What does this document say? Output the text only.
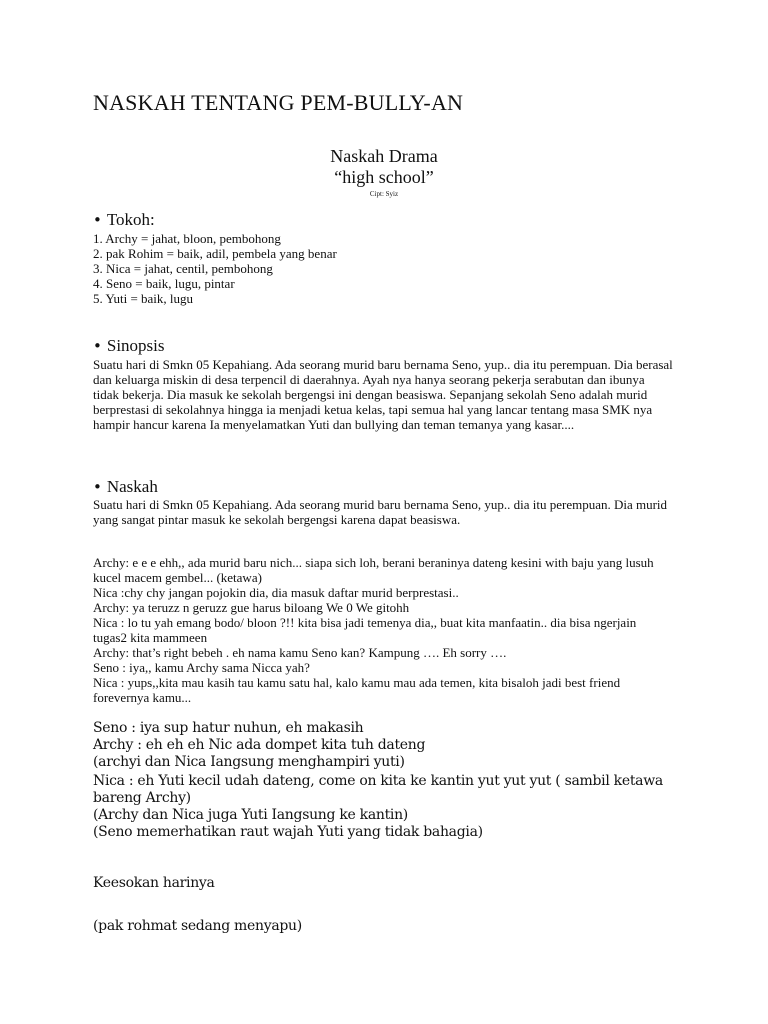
NASKAH TENTANG PEM-BULLY-AN
Naskah Drama
“high school”
Cipt: Syiz
• Tokoh:
1. Archy = jahat, bloon, pembohong
2. pak Rohim = baik, adil, pembela yang benar
3. Nica = jahat, centil, pembohong
4. Seno = baik, lugu, pintar
5. Yuti = baik, lugu
• Sinopsis

Suatu hari di Smkn 05 Kepahiang. Ada seorang murid baru bernama Seno, yup.. dia itu perempuan. Dia berasal dan keluarga miskin di desa terpencil di daerahnya. Ayah nya hanya seorang pekerja serabutan dan ibunya tidak bekerja. Dia masuk ke sekolah bergengsi ini dengan beasiswa. Sepanjang sekolah Seno adalah murid berprestasi di sekolahnya hingga ia menjadi ketua kelas, tapi semua hal yang lancar tentang masa SMK nya hampir hancur karena Ia menyelamatkan Yuti dan bullying dan teman temanya yang kasar....

• Naskah

Suatu hari di Smkn 05 Kepahiang. Ada seorang murid baru bernama Seno, yup.. dia itu perempuan. Dia murid yang sangat pintar masuk ke sekolah bergengsi karena dapat beasiswa.

Archy: e e e ehh,, ada murid baru nich... siapa sich loh, berani beraninya dateng kesini with baju yang lusuh kucel macem gembel... (ketawa)

Nica :chy chy jangan pojokin dia, dia masuk daftar murid berprestasi..

Archy: ya teruzz n geruzz gue harus biloang We 0 We gitohh

Nica : lo tu yah emang bodo/ bloon ?!! kita bisa jadi temenya dia,, buat kita manfaatin.. dia bisa ngerjain tugas2 kita mammeen

Archy: that’s right bebeh . eh nama kamu Seno kan? Kampung …. Eh sorry ….

Seno : iya,, kamu Archy sama Nicca yah?

Nica : yups,,kita mau kasih tau kamu satu hal, kalo kamu mau ada temen, kita bisaloh jadi best friend forevernya kamu...

Seno : iya sup hatur nuhun, eh makasih

Archy : eh eh eh Nic ada dompet kita tuh dateng

(archyi dan Nica Iangsung menghampiri yuti)

Nica : eh Yuti kecil udah dateng, come on kita ke kantin yut yut yut ( sambil ketawa bareng Archy)

(Archy dan Nica juga Yuti Iangsung ke kantin)

(Seno memerhatikan raut wajah Yuti yang tidak bahagia)

Keesokan harinya
(pak rohmat sedang menyapu)
